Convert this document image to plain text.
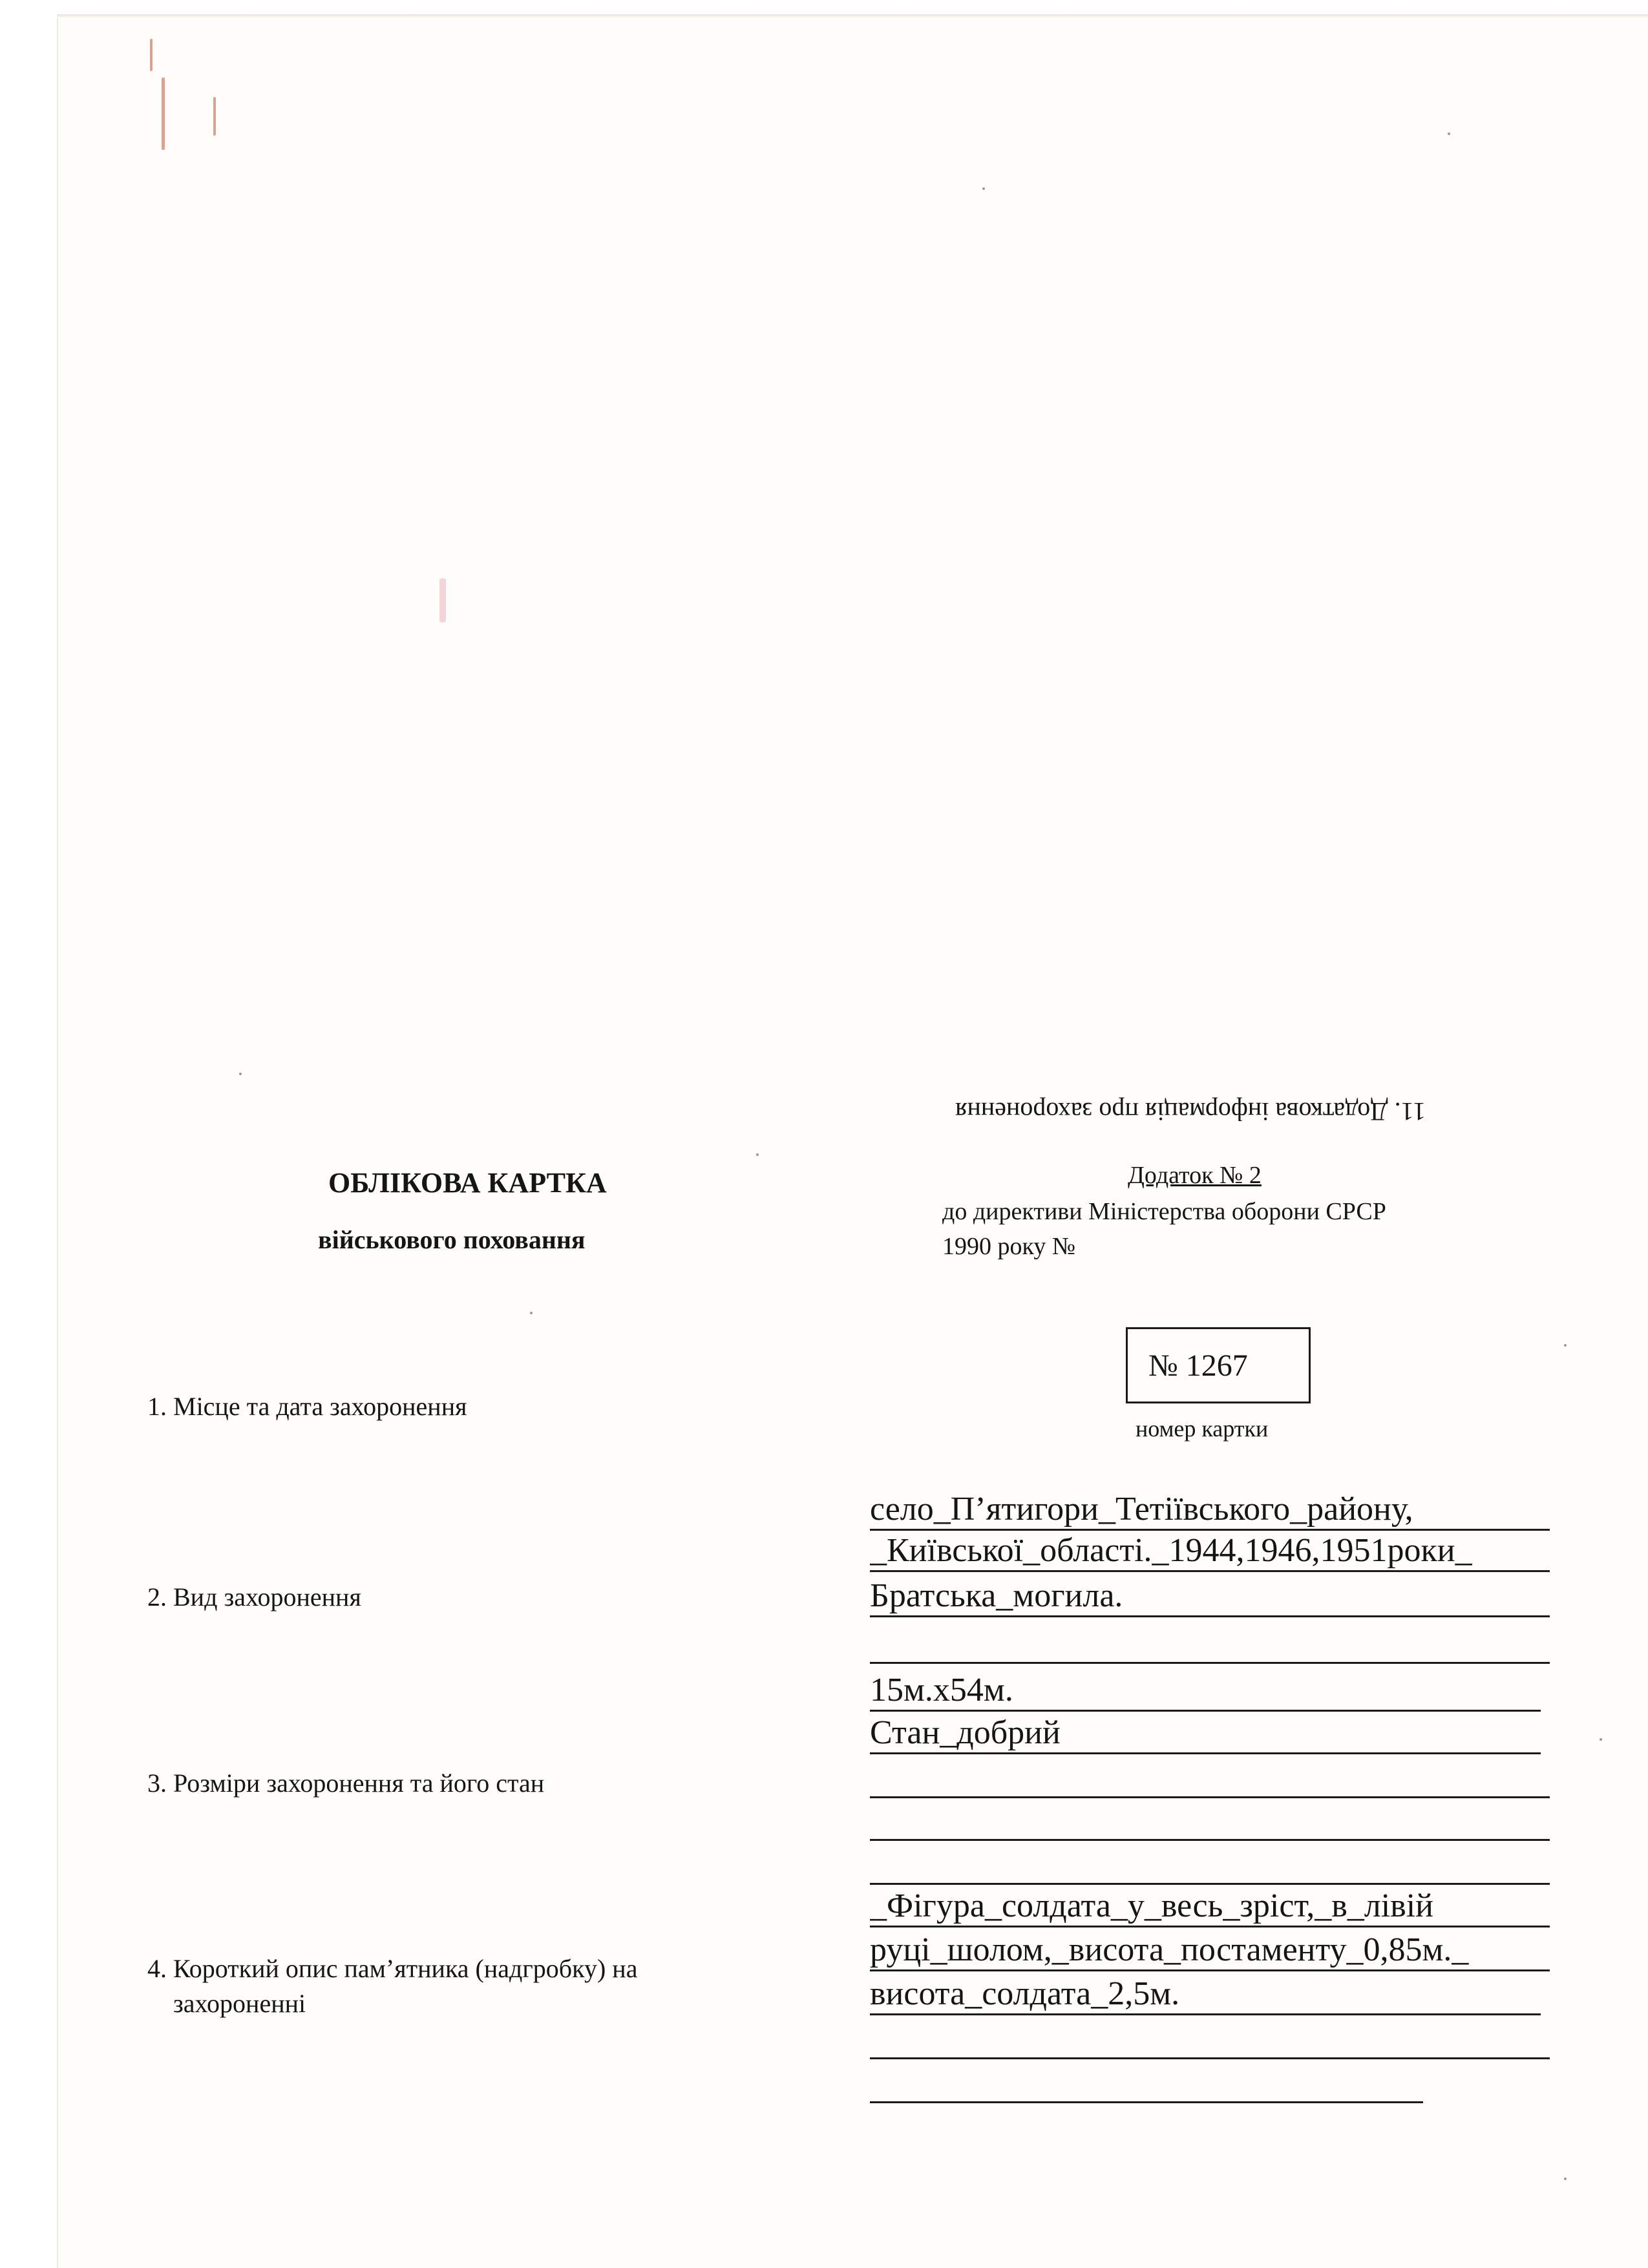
11. Додаткова інформація про захоронення
ОБЛІКОВА КАРТКА
військового поховання
Додаток № 2
до директиви Міністерства оборони СРСР
1990 року №
№ 1267
номер картки
1. Місце та дата захоронення
село_П’ятигори_Тетіївського_району,
_Київської_області._1944,1946,1951роки_
2. Вид захоронення	Братська_могила.
3. Розміри захоронення та його стан
15м.х54м.
Стан_добрий
4. Короткий опис пам’ятника (надгробку) на
захороненні
_Фігура_солдата_у_весь_зріст,_в_лівій
руці_шолом,_висота_постаменту_0,85м._
висота_солдата_2,5м.
